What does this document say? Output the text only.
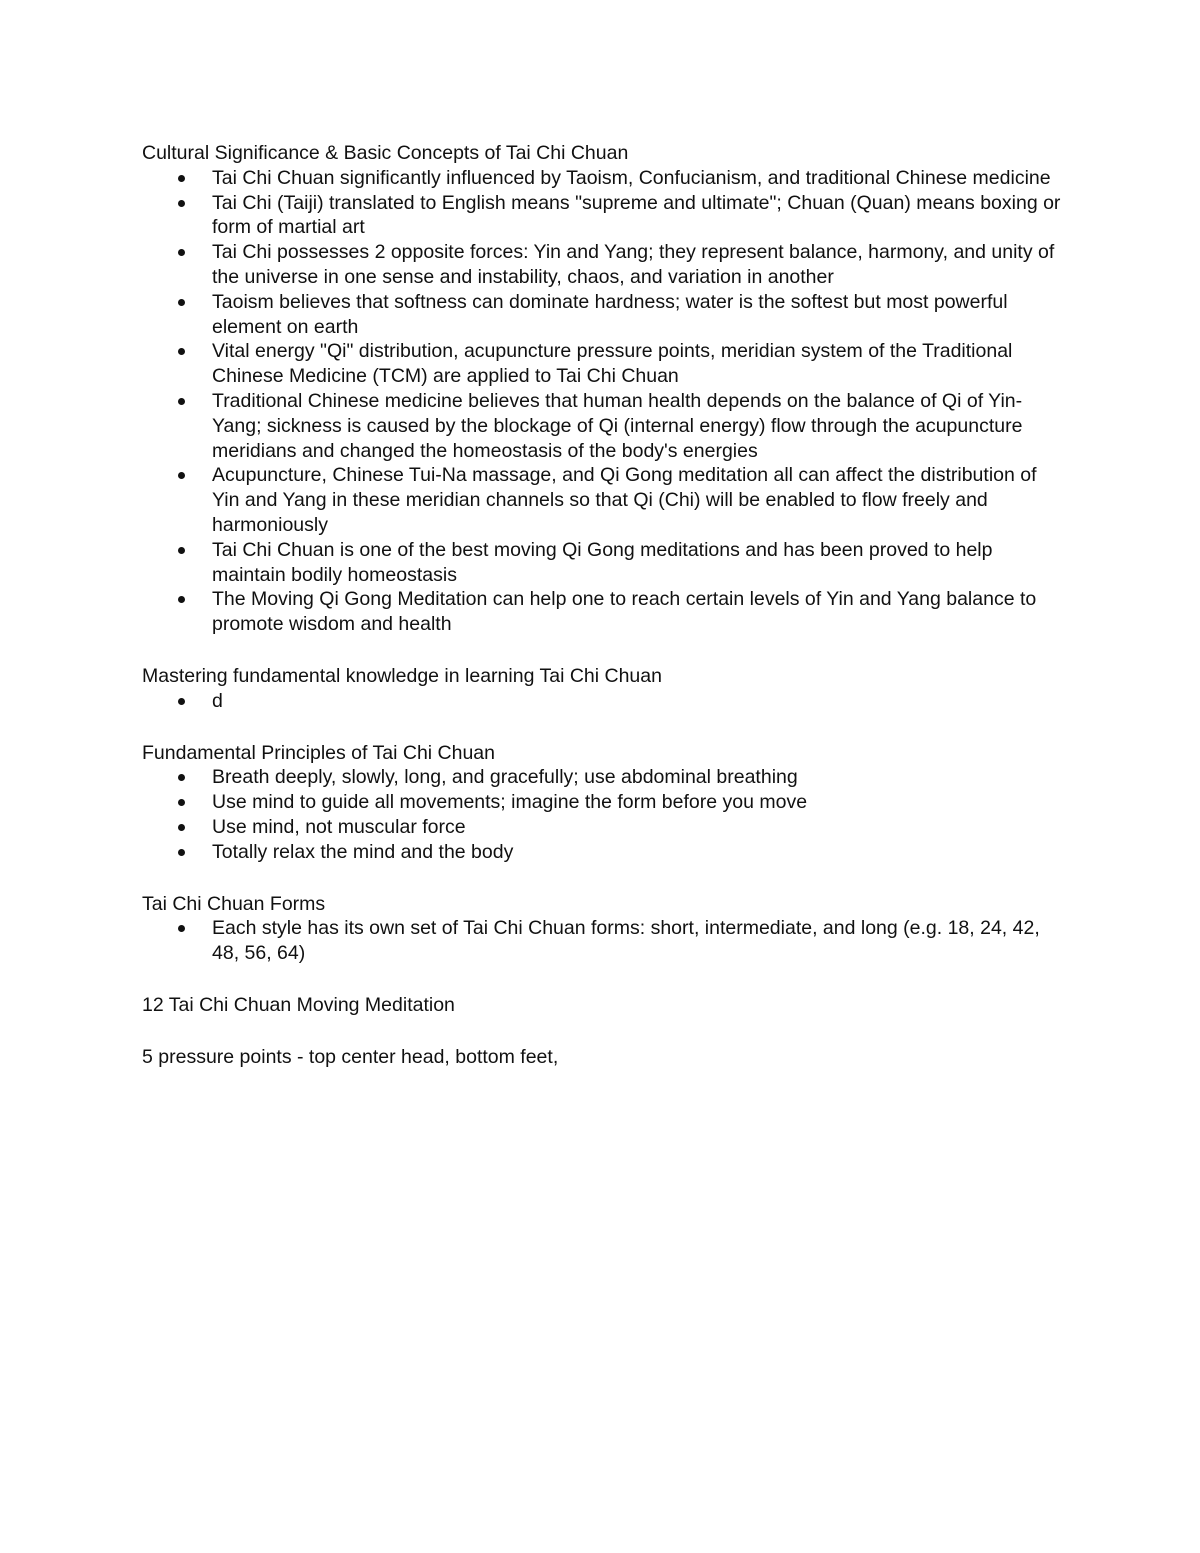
Cultural Significance & Basic Concepts of Tai Chi Chuan

Tai Chi Chuan significantly influenced by Taoism, Confucianism, and traditional Chinese medicine
Tai Chi (Taiji) translated to English means "supreme and ultimate"; Chuan (Quan) means boxing or form of martial art
Tai Chi possesses 2 opposite forces: Yin and Yang; they represent balance, harmony, and unity of the universe in one sense and instability, chaos, and variation in another
Taoism believes that softness can dominate hardness; water is the softest but most powerful element on earth
Vital energy "Qi" distribution, acupuncture pressure points, meridian system of the Traditional Chinese Medicine (TCM) are applied to Tai Chi Chuan
Traditional Chinese medicine believes that human health depends on the balance of Qi of Yin-Yang; sickness is caused by the blockage of Qi (internal energy) flow through the acupuncture meridians and changed the homeostasis of the body's energies
Acupuncture, Chinese Tui-Na massage, and Qi Gong meditation all can affect the distribution of Yin and Yang in these meridian channels so that Qi (Chi) will be enabled to flow freely and harmoniously
Tai Chi Chuan is one of the best moving Qi Gong meditations and has been proved to help maintain bodily homeostasis
The Moving Qi Gong Meditation can help one to reach certain levels of Yin and Yang balance to promote wisdom and health

Mastering fundamental knowledge in learning Tai Chi Chuan

d

Fundamental Principles of Tai Chi Chuan

Breath deeply, slowly, long, and gracefully; use abdominal breathing
Use mind to guide all movements; imagine the form before you move
Use mind, not muscular force
Totally relax the mind and the body

Tai Chi Chuan Forms

Each style has its own set of Tai Chi Chuan forms: short, intermediate, and long (e.g. 18, 24, 42, 48, 56, 64)

12 Tai Chi Chuan Moving Meditation

5 pressure points - top center head, bottom feet,
